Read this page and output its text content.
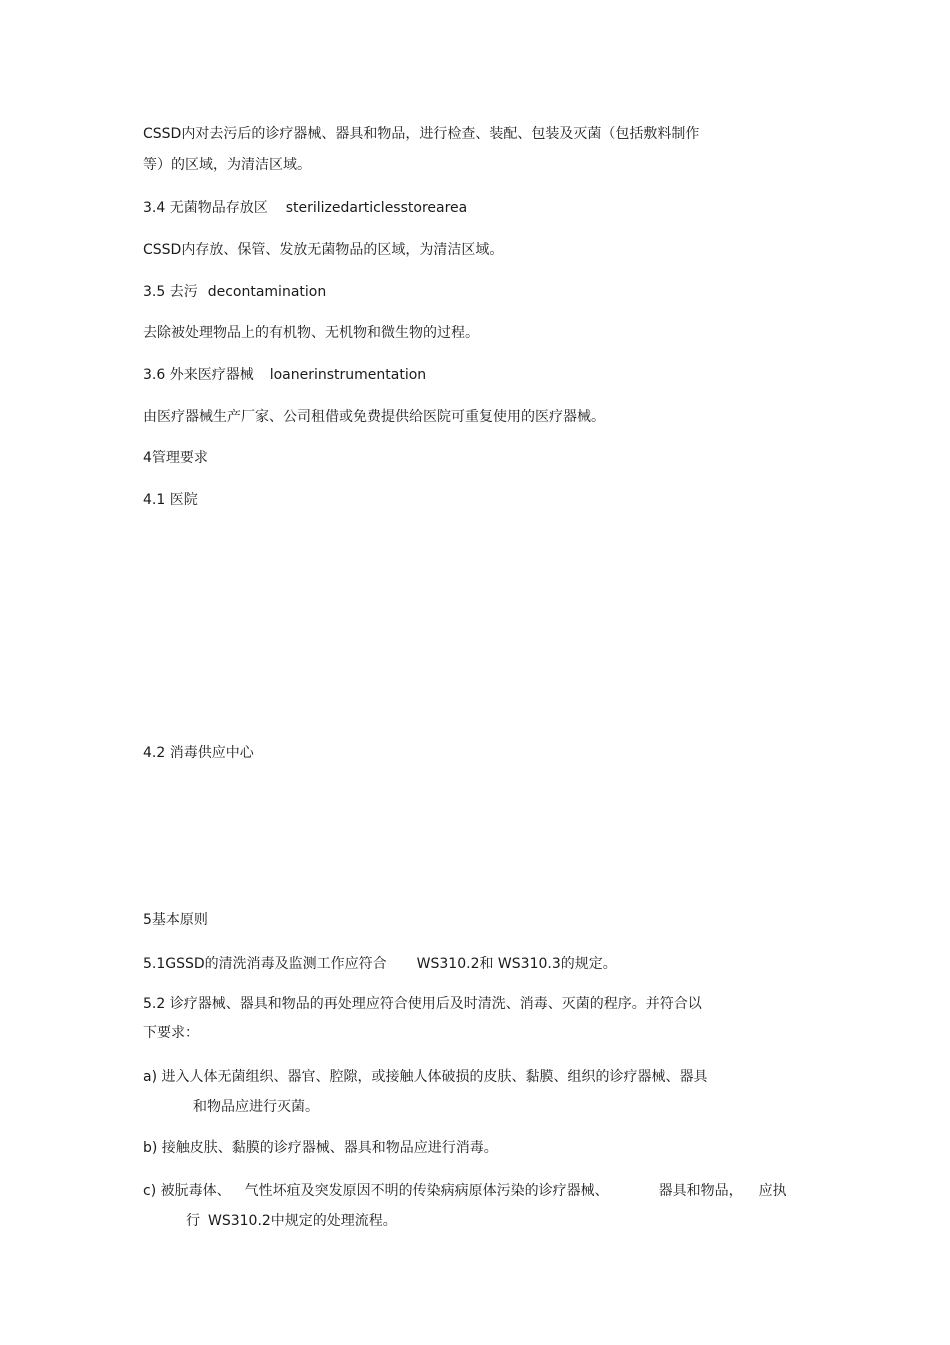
CSSD内对去污后的诊疗器械、器具和物品，进行检查、装配、包装及灭菌（包括敷料制作
等）的区域，为清洁区域。
3.4 无菌物品存放区 sterilizedarticlesstorearea
CSSD内存放、保管、发放无菌物品的区域，为清洁区域。
3.5 去污 decontamination
去除被处理物品上的有机物、无机物和微生物的过程。
3.6 外来医疗器械 loanerinstrumentation
由医疗器械生产厂家、公司租借或免费提供给医院可重复使用的医疗器械。
4管理要求
4.1 医院
4.2 消毒供应中心
5基本原则
5.1GSSD的清洗消毒及监测工作应符合 WS310.2和 WS310.3的规定。
5.2 诊疗器械、器具和物品的再处理应符合使用后及时清洗、消毒、灭菌的程序。并符合以
下要求：
a) 进入人体无菌组织、器官、腔隙，或接触人体破损的皮肤、黏膜、组织的诊疗器械、器具
和物品应进行灭菌。
b) 接触皮肤、黏膜的诊疗器械、器具和物品应进行消毒。
c) 被朊毒体、 气性坏疽及突发原因不明的传染病病原体污染的诊疗器械、	器具和物品， 应执
行 WS310.2中规定的处理流程。
